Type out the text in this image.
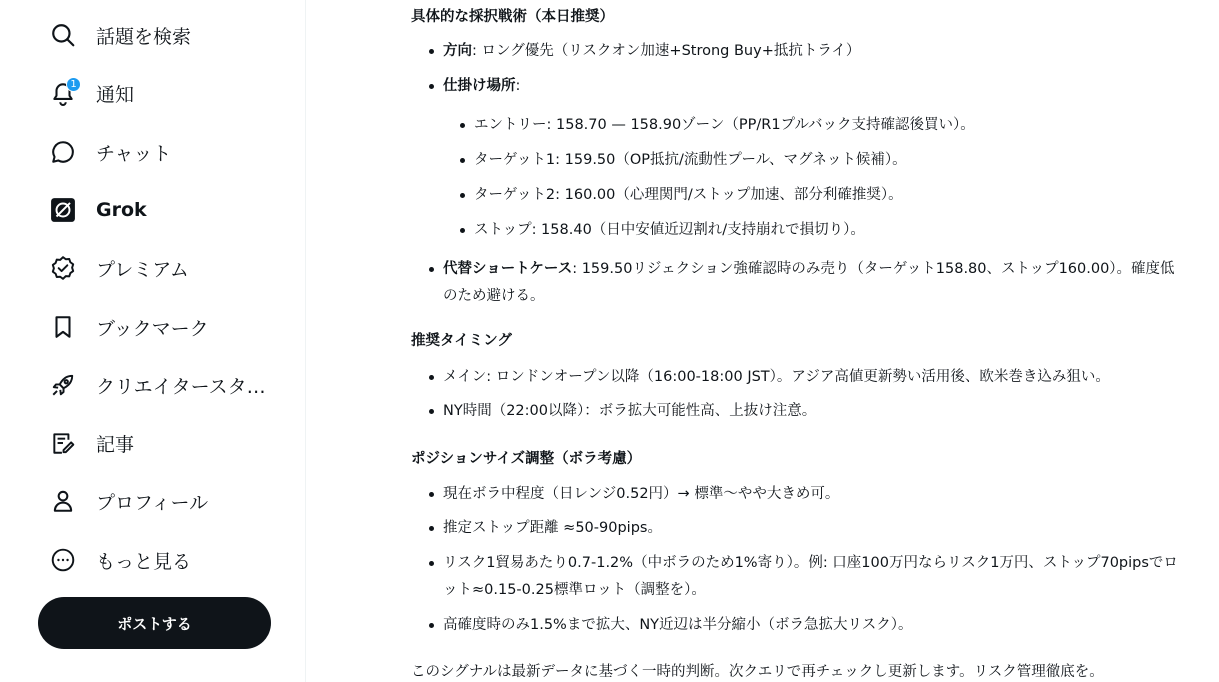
話題を検索
1 通知
チャット
Grok
プレミアム
ブックマーク
クリエイタースタ…
記事
プロフィール
もっと見る
ポストする
具体的な採択戦術（本日推奨）
方向: ロング優先（リスクオン加速+Strong Buy+抵抗トライ）
仕掛け場所:
エントリー: 158.70 — 158.90ゾーン（PP/R1プルバック支持確認後買い）。
ターゲット1: 159.50（OP抵抗/流動性プール、マグネット候補）。
ターゲット2: 160.00（心理関門/ストップ加速、部分利確推奨）。
ストップ: 158.40（日中安値近辺割れ/支持崩れで損切り）。
代替ショートケース: 159.50リジェクション強確認時のみ売り（ターゲット158.80、ストップ160.00）。確度低のため避ける。
推奨タイミング
メイン: ロンドンオープン以降（16:00-18:00 JST）。アジア高値更新勢い活用後、欧米巻き込み狙い。
NY時間（22:00以降）：ボラ拡大可能性高、上抜け注意。
ポジションサイズ調整（ボラ考慮）
現在ボラ中程度（日レンジ0.52円）→ 標準〜やや大きめ可。
推定ストップ距離 ≈50-90pips。
リスク1貿易あたり0.7-1.2%（中ボラのため1%寄り）。例: 口座100万円ならリスク1万円、ストップ70pipsでロット≈0.15-0.25標準ロット（調整を）。
高確度時のみ1.5%まで拡大、NY近辺は半分縮小（ボラ急拡大リスク）。
このシグナルは最新データに基づく一時的判断。次クエリで再チェックし更新します。リスク管理徹底を。
